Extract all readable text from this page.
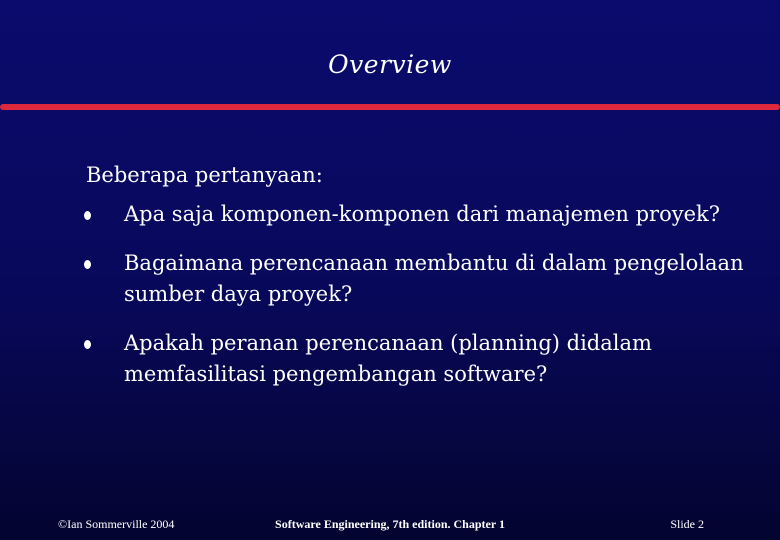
Overview
Beberapa pertanyaan:
Apa saja komponen-komponen dari manajemen proyek?
Bagaimana perencanaan membantu di dalam pengelolaan sumber daya proyek?
Apakah peranan perencanaan (planning) didalam memfasilitasi pengembangan software?
©Ian Sommerville 2004	Software Engineering, 7th edition. Chapter 1	Slide 2
